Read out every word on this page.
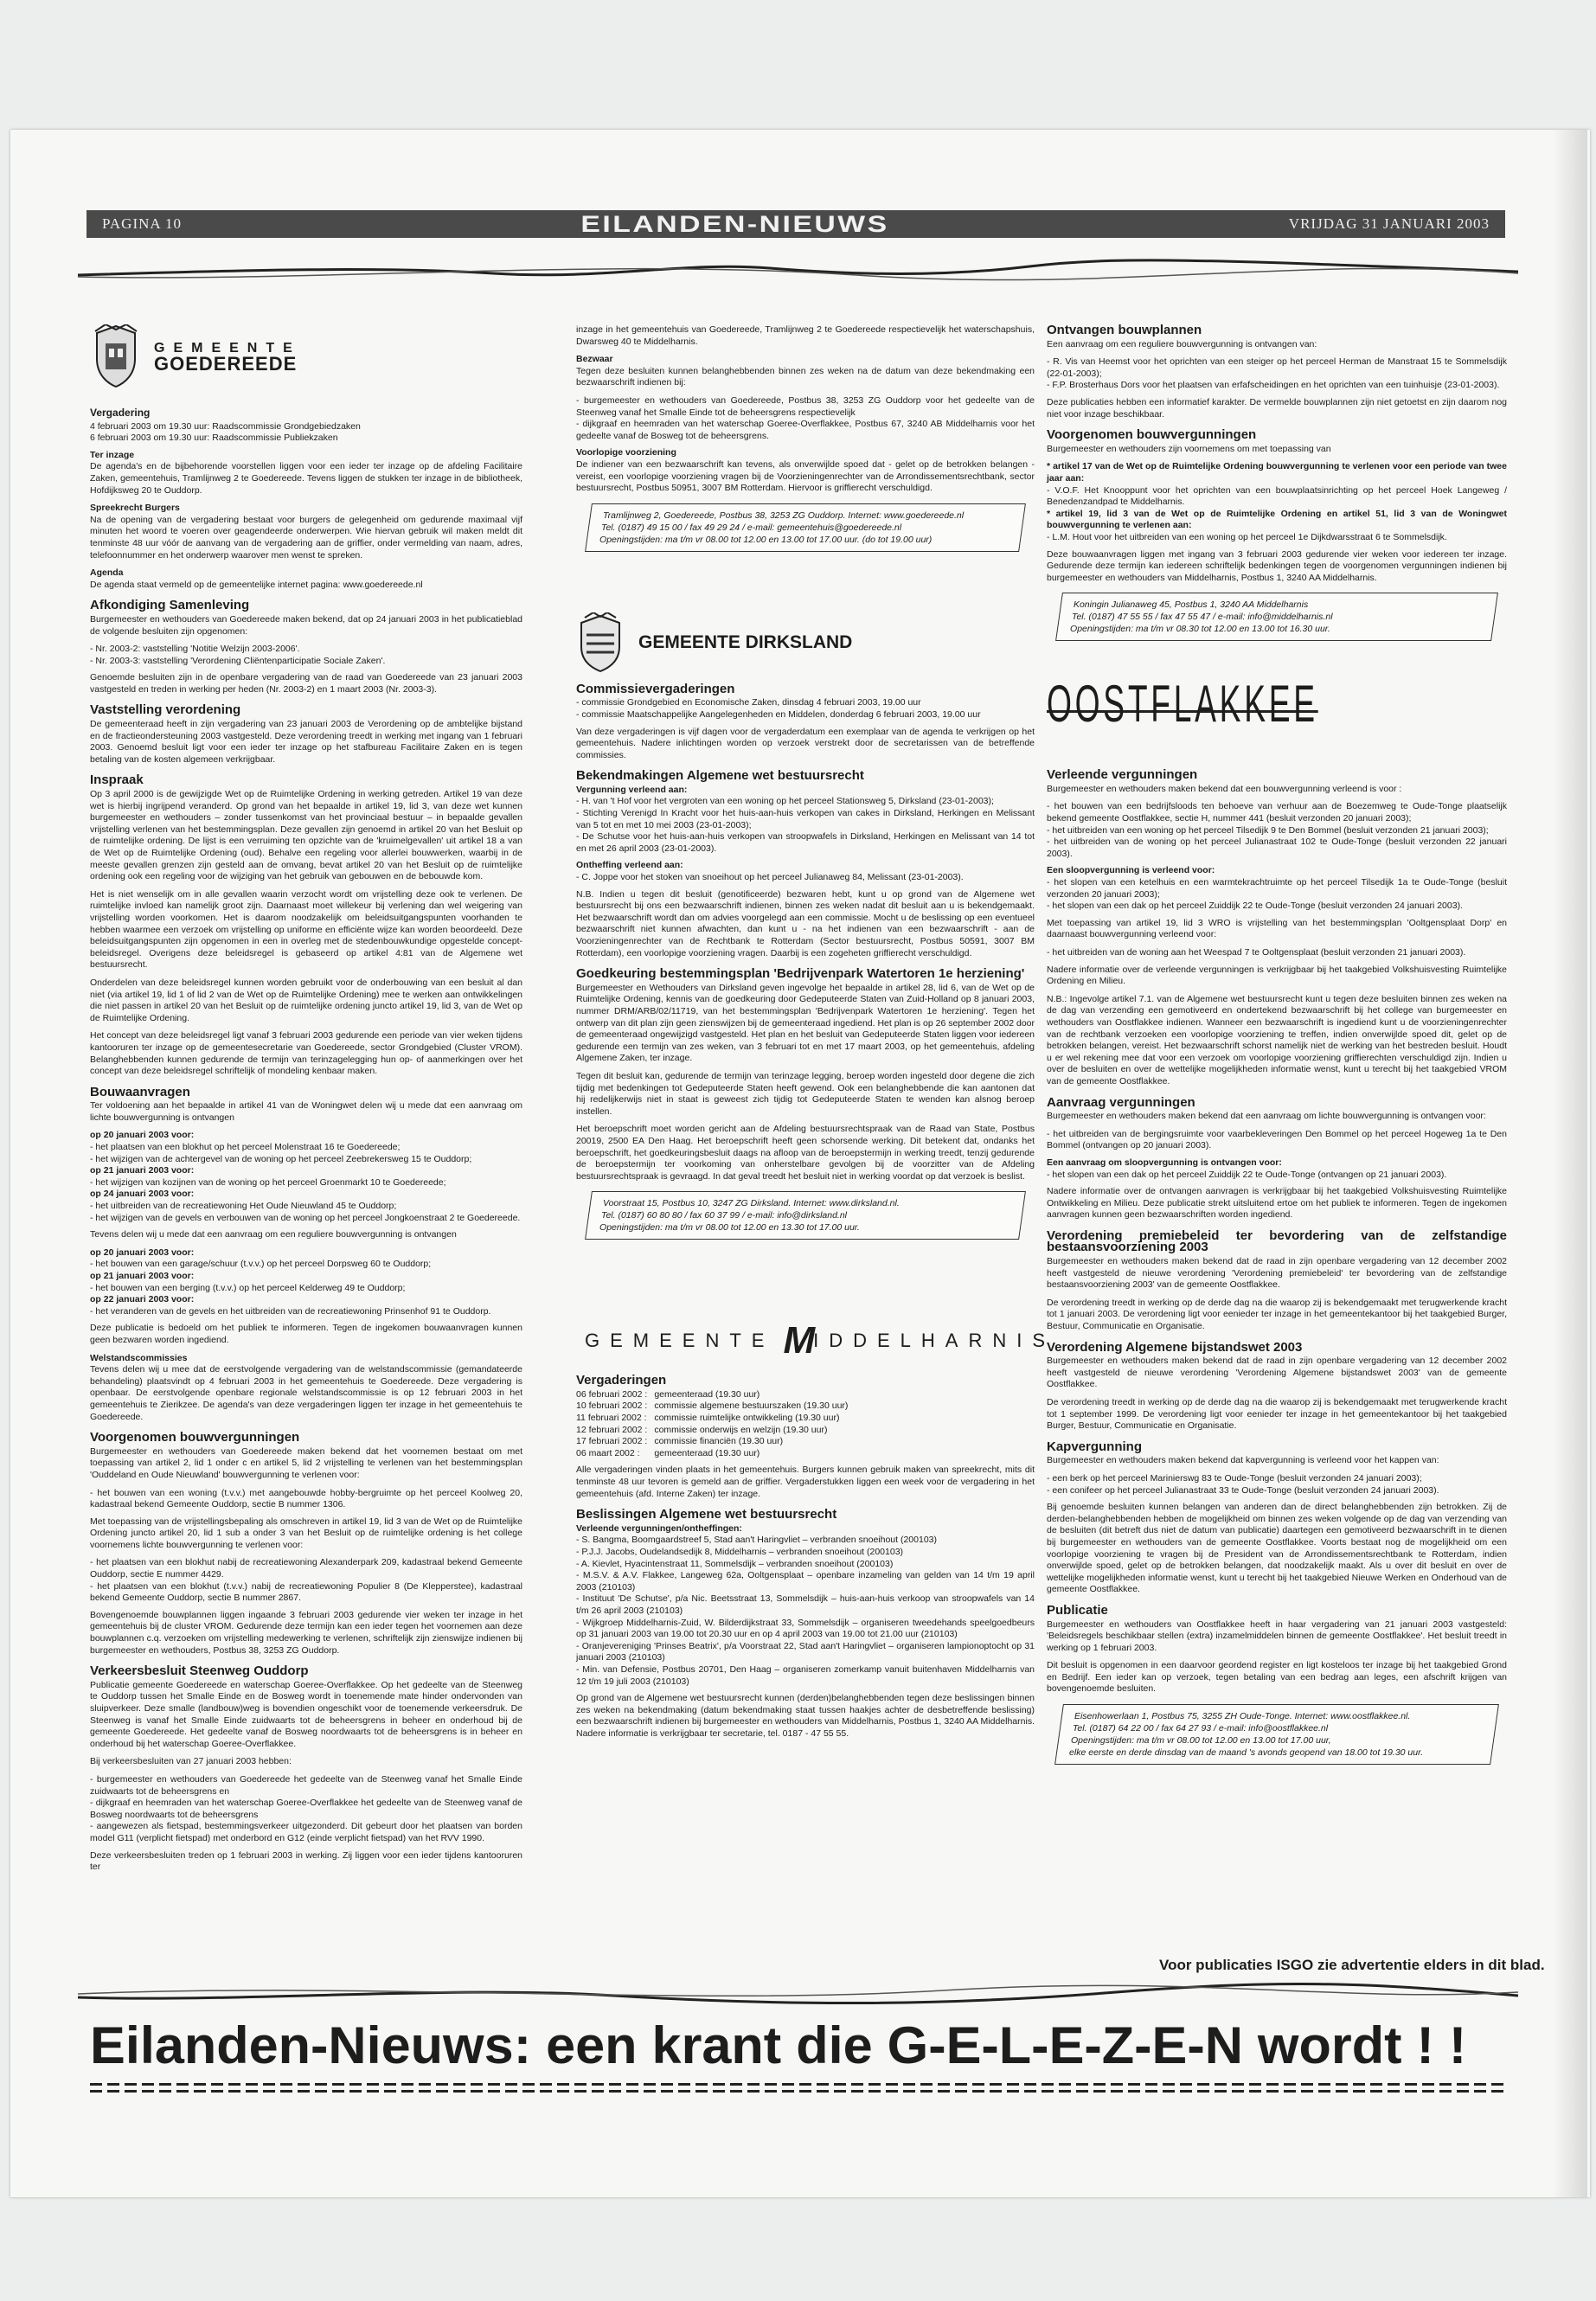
PAGINA 10	EILANDEN-NIEUWS	VRIJDAG 31 JANUARI 2003
GEMEENTE
GOEDEREEDE
Vergadering
4 februari 2003 om 19.30 uur: Raadscommissie Grondgebiedzaken
6 februari 2003 om 19.30 uur: Raadscommissie Publiekzaken
Ter inzage

De agenda's en de bijbehorende voorstellen liggen voor een ieder ter inzage op de afdeling Facilitaire Zaken, gemeentehuis, Tramlijnweg 2 te Goedereede. Tevens liggen de stukken ter inzage in de bibliotheek, Hofdijksweg 20 te Ouddorp.

Spreekrecht Burgers

Na de opening van de vergadering bestaat voor burgers de gelegenheid om gedurende maximaal vijf minuten het woord te voeren over geagendeerde onderwerpen. Wie hiervan gebruik wil maken meldt dit tenminste 48 uur vóór de aanvang van de vergadering aan de griffier, onder vermelding van naam, adres, telefoonnummer en het onderwerp waarover men wenst te spreken.

Agenda

De agenda staat vermeld op de gemeentelijke internet pagina: www.goedereede.nl

Afkondiging Samenleving

Burgemeester en wethouders van Goedereede maken bekend, dat op 24 januari 2003 in het publicatieblad de volgende besluiten zijn opgenomen:

- Nr. 2003-2: vaststelling 'Notitie Welzijn 2003-2006'.
- Nr. 2003-3: vaststelling 'Verordening Cliëntenparticipatie Sociale Zaken'.

Genoemde besluiten zijn in de openbare vergadering van de raad van Goedereede van 23 januari 2003 vastgesteld en treden in werking per heden (Nr. 2003-2) en 1 maart 2003 (Nr. 2003-3).

Vaststelling verordening

De gemeenteraad heeft in zijn vergadering van 23 januari 2003 de Verordening op de ambtelijke bijstand en de fractieondersteuning 2003 vastgesteld. Deze verordening treedt in werking met ingang van 1 februari 2003. Genoemd besluit ligt voor een ieder ter inzage op het stafbureau Facilitaire Zaken en is tegen betaling van de kosten algemeen verkrijgbaar.

Inspraak

Op 3 april 2000 is de gewijzigde Wet op de Ruimtelijke Ordening in werking getreden. Artikel 19 van deze wet is hierbij ingrijpend veranderd. Op grond van het bepaalde in artikel 19, lid 3, van deze wet kunnen burgemeester en wethouders – zonder tussenkomst van het provinciaal bestuur – in bepaalde gevallen vrijstelling verlenen van het bestemmingsplan. Deze gevallen zijn genoemd in artikel 20 van het Besluit op de ruimtelijke ordening. De lijst is een verruiming ten opzichte van de 'kruimelgevallen' uit artikel 18 a van de Wet op de Ruimtelijke Ordening (oud). Behalve een regeling voor allerlei bouwwerken, waarbij in de meeste gevallen grenzen zijn gesteld aan de omvang, bevat artikel 20 van het Besluit op de ruimtelijke ordening ook een regeling voor de wijziging van het gebruik van gebouwen en de bebouwde kom.

Het is niet wenselijk om in alle gevallen waarin verzocht wordt om vrijstelling deze ook te verlenen. De ruimtelijke invloed kan namelijk groot zijn. Daarnaast moet willekeur bij verlening dan wel weigering van vrijstelling worden voorkomen. Het is daarom noodzakelijk om beleidsuitgangspunten voorhanden te hebben waarmee een verzoek om vrijstelling op uniforme en efficiënte wijze kan worden beoordeeld. Deze beleidsuitgangspunten zijn opgenomen in een in overleg met de stedenbouwkundige opgestelde concept-beleidsregel. Overigens deze beleidsregel is gebaseerd op artikel 4:81 van de Algemene wet bestuursrecht.

Onderdelen van deze beleidsregel kunnen worden gebruikt voor de onderbouwing van een besluit al dan niet (via artikel 19, lid 1 of lid 2 van de Wet op de Ruimtelijke Ordening) mee te werken aan ontwikkelingen die niet passen in artikel 20 van het Besluit op de ruimtelijke ordening juncto artikel 19, lid 3, van de Wet op de Ruimtelijke Ordening.

Het concept van deze beleidsregel ligt vanaf 3 februari 2003 gedurende een periode van vier weken tijdens kantooruren ter inzage op de gemeentesecretarie van Goedereede, sector Grondgebied (Cluster VROM). Belanghebbenden kunnen gedurende de termijn van terinzagelegging hun op- of aanmerkingen over het concept van deze beleidsregel schriftelijk of mondeling kenbaar maken.

Bouwaanvragen

Ter voldoening aan het bepaalde in artikel 41 van de Woningwet delen wij u mede dat een aanvraag om lichte bouwvergunning is ontvangen

op 20 januari 2003 voor:
- het plaatsen van een blokhut op het perceel Molenstraat 16 te Goedereede;
- het wijzigen van de achtergevel van de woning op het perceel Zeebrekersweg 15 te Ouddorp;
op 21 januari 2003 voor:
- het wijzigen van kozijnen van de woning op het perceel Groenmarkt 10 te Goedereede;
op 24 januari 2003 voor:
- het uitbreiden van de recreatiewoning Het Oude Nieuwland 45 te Ouddorp;
- het wijzigen van de gevels en verbouwen van de woning op het perceel Jongkoenstraat 2 te Goedereede.

Tevens delen wij u mede dat een aanvraag om een reguliere bouwvergunning is ontvangen

op 20 januari 2003 voor:
- het bouwen van een garage/schuur (t.v.v.) op het perceel Dorpsweg 60 te Ouddorp;
op 21 januari 2003 voor:
- het bouwen van een berging (t.v.v.) op het perceel Kelderweg 49 te Ouddorp;
op 22 januari 2003 voor:
- het veranderen van de gevels en het uitbreiden van de recreatiewoning Prinsenhof 91 te Ouddorp.

Deze publicatie is bedoeld om het publiek te informeren. Tegen de ingekomen bouwaanvragen kunnen geen bezwaren worden ingediend.

Welstandscommissies

Tevens delen wij u mee dat de eerstvolgende vergadering van de welstandscommissie (gemandateerde behandeling) plaatsvindt op 4 februari 2003 in het gemeentehuis te Goedereede. Deze vergadering is openbaar. De eerstvolgende openbare regionale welstandscommissie is op 12 februari 2003 in het gemeentehuis te Zierikzee. De agenda's van deze vergaderingen liggen ter inzage in het gemeentehuis te Goedereede.

Voorgenomen bouwvergunningen

Burgemeester en wethouders van Goedereede maken bekend dat het voornemen bestaat om met toepassing van artikel 2, lid 1 onder c en artikel 5, lid 2 vrijstelling te verlenen van het bestemmingsplan 'Ouddeland en Oude Nieuwland' bouwvergunning te verlenen voor:

- het bouwen van een woning (t.v.v.) met aangebouwde hobby-bergruimte op het perceel Koolweg 20, kadastraal bekend Gemeente Ouddorp, sectie B nummer 1306.

Met toepassing van de vrijstellingsbepaling als omschreven in artikel 19, lid 3 van de Wet op de Ruimtelijke Ordening juncto artikel 20, lid 1 sub a onder 3 van het Besluit op de ruimtelijke ordening is het college voornemens lichte bouwvergunning te verlenen voor:

- het plaatsen van een blokhut nabij de recreatiewoning Alexanderpark 209, kadastraal bekend Gemeente Ouddorp, sectie E nummer 4429.
- het plaatsen van een blokhut (t.v.v.) nabij de recreatiewoning Populier 8 (De Klepperstee), kadastraal bekend Gemeente Ouddorp, sectie B nummer 2867.

Bovengenoemde bouwplannen liggen ingaande 3 februari 2003 gedurende vier weken ter inzage in het gemeentehuis bij de cluster VROM. Gedurende deze termijn kan een ieder tegen het voornemen aan deze bouwplannen c.q. verzoeken om vrijstelling medewerking te verlenen, schriftelijk zijn zienswijze indienen bij burgemeester en wethouders, Postbus 38, 3253 ZG Ouddorp.

Verkeersbesluit Steenweg Ouddorp

Publicatie gemeente Goedereede en waterschap Goeree-Overflakkee. Op het gedeelte van de Steenweg te Ouddorp tussen het Smalle Einde en de Bosweg wordt in toenemende mate hinder ondervonden van sluipverkeer. Deze smalle (landbouw)weg is bovendien ongeschikt voor de toenemende verkeersdruk. De Steenweg is vanaf het Smalle Einde zuidwaarts tot de beheersgrens in beheer en onderhoud bij de gemeente Goedereede. Het gedeelte vanaf de Bosweg noordwaarts tot de beheersgrens is in beheer en onderhoud bij het waterschap Goeree-Overflakkee.

Bij verkeersbesluiten van 27 januari 2003 hebben:

- burgemeester en wethouders van Goedereede het gedeelte van de Steenweg vanaf het Smalle Einde zuidwaarts tot de beheersgrens en
- dijkgraaf en heemraden van het waterschap Goeree-Overflakkee het gedeelte van de Steenweg vanaf de Bosweg noordwaarts tot de beheersgrens
- aangewezen als fietspad, bestemmingsverkeer uitgezonderd. Dit gebeurt door het plaatsen van borden model G11 (verplicht fietspad) met onderbord en G12 (einde verplicht fietspad) van het RVV 1990.

Deze verkeersbesluiten treden op 1 februari 2003 in werking. Zij liggen voor een ieder tijdens kantooruren ter

inzage in het gemeentehuis van Goedereede, Tramlijnweg 2 te Goedereede respectievelijk het waterschapshuis, Dwarsweg 40 te Middelharnis.

Bezwaar

Tegen deze besluiten kunnen belanghebbenden binnen zes weken na de datum van deze bekendmaking een bezwaarschrift indienen bij:

- burgemeester en wethouders van Goedereede, Postbus 38, 3253 ZG Ouddorp voor het gedeelte van de Steenweg vanaf het Smalle Einde tot de beheersgrens respectievelijk
- dijkgraaf en heemraden van het waterschap Goeree-Overflakkee, Postbus 67, 3240 AB Middelharnis voor het gedeelte vanaf de Bosweg tot de beheersgrens.
Voorlopige voorziening

De indiener van een bezwaarschrift kan tevens, als onverwijlde spoed dat - gelet op de betrokken belangen - vereist, een voorlopige voorziening vragen bij de Voorzieningenrechter van de Arrondissementsrechtbank, sector bestuursrecht, Postbus 50951, 3007 BM Rotterdam. Hiervoor is griffierecht verschuldigd.

Tramlijnweg 2, Goedereede, Postbus 38, 3253 ZG Ouddorp. Internet: www.goedereede.nl
Tel. (0187) 49 15 00 / fax 49 29 24 / e-mail: gemeentehuis@goedereede.nl
Openingstijden: ma t/m vr 08.00 tot 12.00 en 13.00 tot 17.00 uur. (do tot 19.00 uur)
GEMEENTE DIRKSLAND
Commissievergaderingen
- commissie Grondgebied en Economische Zaken, dinsdag 4 februari 2003, 19.00 uur
- commissie Maatschappelijke Aangelegenheden en Middelen, donderdag 6 februari 2003, 19.00 uur

Van deze vergaderingen is vijf dagen voor de vergaderdatum een exemplaar van de agenda te verkrijgen op het gemeentehuis. Nadere inlichtingen worden op verzoek verstrekt door de secretarissen van de betreffende commissies.

Bekendmakingen Algemene wet bestuursrecht
Vergunning verleend aan:
- H. van 't Hof voor het vergroten van een woning op het perceel Stationsweg 5, Dirksland (23-01-2003);
- Stichting Verenigd In Kracht voor het huis-aan-huis verkopen van cakes in Dirksland, Herkingen en Melissant van 5 tot en met 10 mei 2003 (23-01-2003);
- De Schutse voor het huis-aan-huis verkopen van stroopwafels in Dirksland, Herkingen en Melissant van 14 tot en met 26 april 2003 (23-01-2003).
Ontheffing verleend aan:
- C. Joppe voor het stoken van snoeihout op het perceel Julianaweg 84, Melissant (23-01-2003).

N.B. Indien u tegen dit besluit (genotificeerde) bezwaren hebt, kunt u op grond van de Algemene wet bestuursrecht bij ons een bezwaarschrift indienen, binnen zes weken nadat dit besluit aan u is bekendgemaakt. Het bezwaarschrift wordt dan om advies voorgelegd aan een commissie. Mocht u de beslissing op een eventueel bezwaarschrift niet kunnen afwachten, dan kunt u - na het indienen van een bezwaarschrift - aan de Voorzieningenrechter van de Rechtbank te Rotterdam (Sector bestuursrecht, Postbus 50591, 3007 BM Rotterdam), een voorlopige voorziening vragen. Daarbij is een zogeheten griffierecht verschuldigd.

Goedkeuring bestemmingsplan 'Bedrijvenpark Watertoren 1e herziening'

Burgemeester en Wethouders van Dirksland geven ingevolge het bepaalde in artikel 28, lid 6, van de Wet op de Ruimtelijke Ordening, kennis van de goedkeuring door Gedeputeerde Staten van Zuid-Holland op 8 januari 2003, nummer DRM/ARB/02/11719, van het bestemmingsplan 'Bedrijvenpark Watertoren 1e herziening'. Tegen het ontwerp van dit plan zijn geen zienswijzen bij de gemeenteraad ingediend. Het plan is op 26 september 2002 door de gemeenteraad ongewijzigd vastgesteld. Het plan en het besluit van Gedeputeerde Staten liggen voor iedereen gedurende een termijn van zes weken, van 3 februari tot en met 17 maart 2003, op het gemeentehuis, afdeling Algemene Zaken, ter inzage.

Tegen dit besluit kan, gedurende de termijn van terinzage legging, beroep worden ingesteld door degene die zich tijdig met bedenkingen tot Gedeputeerde Staten heeft gewend. Ook een belanghebbende die kan aantonen dat hij redelijkerwijs niet in staat is geweest zich tijdig tot Gedeputeerde Staten te wenden kan alsnog beroep instellen.

Het beroepschrift moet worden gericht aan de Afdeling bestuursrechtspraak van de Raad van State, Postbus 20019, 2500 EA Den Haag. Het beroepschrift heeft geen schorsende werking. Dit betekent dat, ondanks het beroepschrift, het goedkeuringsbesluit daags na afloop van de beroepstermijn in werking treedt, tenzij gedurende de beroepstermijn ter voorkoming van onherstelbare gevolgen bij de voorzitter van de Afdeling bestuursrechtspraak is gevraagd. In dat geval treedt het besluit niet in werking voordat op dat verzoek is beslist.

Voorstraat 15, Postbus 10, 3247 ZG Dirksland. Internet: www.dirksland.nl.
Tel. (0187) 60 80 80 / fax 60 37 99 / e-mail: info@dirksland.nl
Openingstijden: ma t/m vr 08.00 tot 12.00 en 13.30 tot 17.00 uur.
GEMEENTE M
IDDELHARNIS
Vergaderingen
06 februari 2002 :	gemeenteraad (19.30 uur)
10 februari 2002 :	commissie algemene bestuurszaken (19.30 uur)
11 februari 2002 :	commissie ruimtelijke ontwikkeling (19.30 uur)
12 februari 2002 :	commissie onderwijs en welzijn (19.30 uur)
17 februari 2002 :	commissie financiën (19.30 uur)
06 maart 2002 :	gemeenteraad (19.30 uur)

Alle vergaderingen vinden plaats in het gemeentehuis. Burgers kunnen gebruik maken van spreekrecht, mits dit tenminste 48 uur tevoren is gemeld aan de griffier. Vergaderstukken liggen een week voor de vergadering in het gemeentehuis (afd. Interne Zaken) ter inzage.

Beslissingen Algemene wet bestuursrecht
Verleende vergunningen/ontheffingen:
- S. Bangma, Boomgaardstreef 5, Stad aan't Haringvliet – verbranden snoeihout (200103)
- P.J.J. Jacobs, Oudelandsedijk 8, Middelharnis – verbranden snoeihout (200103)
- A. Kievlet, Hyacintenstraat 11, Sommelsdijk – verbranden snoeihout (200103)
- M.S.V. & A.V. Flakkee, Langeweg 62a, Ooltgensplaat – openbare inzameling van gelden van 14 t/m 19 april 2003 (210103)
- Instituut 'De Schutse', p/a Nic. Beetsstraat 13, Sommelsdijk – huis-aan-huis verkoop van stroopwafels van 14 t/m 26 april 2003 (210103)
- Wijkgroep Middelharnis-Zuid, W. Bilderdijkstraat 33, Sommelsdijk – organiseren tweedehands speelgoedbeurs op 31 januari 2003 van 19.00 tot 20.30 uur en op 4 april 2003 van 19.00 tot 21.00 uur (210103)
- Oranjevereniging 'Prinses Beatrix', p/a Voorstraat 22, Stad aan't Haringvliet – organiseren lampionoptocht op 31 januari 2003 (210103)
- Min. van Defensie, Postbus 20701, Den Haag – organiseren zomerkamp vanuit buitenhaven Middelharnis van 12 t/m 19 juli 2003 (210103)

Op grond van de Algemene wet bestuursrecht kunnen (derden)belanghebbenden tegen deze beslissingen binnen zes weken na bekendmaking (datum bekendmaking staat tussen haakjes achter de desbetreffende beslissing) een bezwaarschrift indienen bij burgemeester en wethouders van Middelharnis, Postbus 1, 3240 AA Middelharnis. Nadere informatie is verkrijgbaar ter secretarie, tel. 0187 - 47 55 55.

Ontvangen bouwplannen

Een aanvraag om een reguliere bouwvergunning is ontvangen van:

- R. Vis van Heemst voor het oprichten van een steiger op het perceel Herman de Manstraat 15 te Sommelsdijk (22-01-2003);
- F.P. Brosterhaus Dors voor het plaatsen van erfafscheidingen en het oprichten van een tuinhuisje (23-01-2003).

Deze publicaties hebben een informatief karakter. De vermelde bouwplannen zijn niet getoetst en zijn daarom nog niet voor inzage beschikbaar.

Voorgenomen bouwvergunningen

Burgemeester en wethouders zijn voornemens om met toepassing van

* artikel 17 van de Wet op de Ruimtelijke Ordening bouwvergunning te verlenen voor een periode van twee jaar aan:
- V.O.F. Het Knooppunt voor het oprichten van een bouwplaatsinrichting op het perceel Hoek Langeweg / Benedenzandpad te Middelharnis.
* artikel 19, lid 3 van de Wet op de Ruimtelijke Ordening en artikel 51, lid 3 van de Woningwet bouwvergunning te verlenen aan:
- L.M. Hout voor het uitbreiden van een woning op het perceel 1e Dijkdwarsstraat 6 te Sommelsdijk.

Deze bouwaanvragen liggen met ingang van 3 februari 2003 gedurende vier weken voor iedereen ter inzage. Gedurende deze termijn kan iedereen schriftelijk bedenkingen tegen de voorgenomen vergunningen indienen bij burgemeester en wethouders van Middelharnis, Postbus 1, 3240 AA Middelharnis.

Koningin Julianaweg 45, Postbus 1, 3240 AA Middelharnis
Tel. (0187) 47 55 55 / fax 47 55 47 / e-mail: info@middelharnis.nl
Openingstijden: ma t/m vr 08.30 tot 12.00 en 13.00 tot 16.30 uur.
OOSTFLAKKEE
Verleende vergunningen

Burgemeester en wethouders maken bekend dat een bouwvergunning verleend is voor :

- het bouwen van een bedrijfsloods ten behoeve van verhuur aan de Boezemweg te Oude-Tonge plaatselijk bekend gemeente Oostflakkee, sectie H, nummer 441 (besluit verzonden 20 januari 2003);
- het uitbreiden van een woning op het perceel Tilsedijk 9 te Den Bommel (besluit verzonden 21 januari 2003);
- het uitbreiden van de woning op het perceel Julianastraat 102 te Oude-Tonge (besluit verzonden 22 januari 2003).
Een sloopvergunning is verleend voor:
- het slopen van een ketelhuis en een warmtekrachtruimte op het perceel Tilsedijk 1a te Oude-Tonge (besluit verzonden 20 januari 2003);
- het slopen van een dak op het perceel Zuiddijk 22 te Oude-Tonge (besluit verzonden 24 januari 2003).

Met toepassing van artikel 19, lid 3 WRO is vrijstelling van het bestemmingsplan 'Ooltgensplaat Dorp' en daarnaast bouwvergunning verleend voor:

- het uitbreiden van de woning aan het Weespad 7 te Ooltgensplaat (besluit verzonden 21 januari 2003).

Nadere informatie over de verleende vergunningen is verkrijgbaar bij het taakgebied Volkshuisvesting Ruimtelijke Ordening en Milieu.

N.B.: Ingevolge artikel 7.1. van de Algemene wet bestuursrecht kunt u tegen deze besluiten binnen zes weken na de dag van verzending een gemotiveerd en ondertekend bezwaarschrift bij het college van burgemeester en wethouders van Oostflakkee indienen. Wanneer een bezwaarschrift is ingediend kunt u de voorzieningenrechter van de rechtbank verzoeken een voorlopige voorziening te treffen, indien onverwijlde spoed dit, gelet op de betrokken belangen, vereist. Het bezwaarschrift schorst namelijk niet de werking van het bestreden besluit. Houdt u er wel rekening mee dat voor een verzoek om voorlopige voorziening griffierechten verschuldigd zijn. Indien u over de besluiten en over de wettelijke mogelijkheden informatie wenst, kunt u terecht bij het taakgebied VROM van de gemeente Oostflakkee.

Aanvraag vergunningen

Burgemeester en wethouders maken bekend dat een aanvraag om lichte bouwvergunning is ontvangen voor:

- het uitbreiden van de bergingsruimte voor vaarbekleveringen Den Bommel op het perceel Hogeweg 1a te Den Bommel (ontvangen op 20 januari 2003).
Een aanvraag om sloopvergunning is ontvangen voor:
- het slopen van een dak op het perceel Zuiddijk 22 te Oude-Tonge (ontvangen op 21 januari 2003).

Nadere informatie over de ontvangen aanvragen is verkrijgbaar bij het taakgebied Volkshuisvesting Ruimtelijke Ontwikkeling en Milieu. Deze publicatie strekt uitsluitend ertoe om het publiek te informeren. Tegen de ingekomen aanvragen kunnen geen bezwaarschriften worden ingediend.

Verordening premiebeleid ter bevordering van de zelfstandige bestaansvoorziening 2003

Burgemeester en wethouders maken bekend dat de raad in zijn openbare vergadering van 12 december 2002 heeft vastgesteld de nieuwe verordening 'Verordening premiebeleid' ter bevordering van de zelfstandige bestaansvoorziening 2003' van de gemeente Oostflakkee.

De verordening treedt in werking op de derde dag na die waarop zij is bekendgemaakt met terugwerkende kracht tot 1 januari 2003. De verordening ligt voor eenieder ter inzage in het gemeentekantoor bij het taakgebied Burger, Bestuur, Communicatie en Organisatie.

Verordening Algemene bijstandswet 2003

Burgemeester en wethouders maken bekend dat de raad in zijn openbare vergadering van 12 december 2002 heeft vastgesteld de nieuwe verordening 'Verordening Algemene bijstandswet 2003' van de gemeente Oostflakkee.

De verordening treedt in werking op de derde dag na die waarop zij is bekendgemaakt met terugwerkende kracht tot 1 september 1999. De verordening ligt voor eenieder ter inzage in het gemeentekantoor bij het taakgebied Burger, Bestuur, Communicatie en Organisatie.

Kapvergunning

Burgemeester en wethouders maken bekend dat kapvergunning is verleend voor het kappen van:

- een berk op het perceel Marinierswg 83 te Oude-Tonge (besluit verzonden 24 januari 2003);
- een conifeer op het perceel Julianastraat 33 te Oude-Tonge (besluit verzonden 24 januari 2003).

Bij genoemde besluiten kunnen belangen van anderen dan de direct belanghebbenden zijn betrokken. Zij de derden-belanghebbenden hebben de mogelijkheid om binnen zes weken volgende op de dag van verzending van de besluiten (dit betreft dus niet de datum van publicatie) daartegen een gemotiveerd bezwaarschrift in te dienen bij burgemeester en wethouders van de gemeente Oostflakkee. Voorts bestaat nog de mogelijkheid om een voorlopige voorziening te vragen bij de President van de Arrondissementsrechtbank te Rotterdam, indien onverwijlde spoed, gelet op de betrokken belangen, dat noodzakelijk maakt. Als u over dit besluit en over de wettelijke mogelijkheden informatie wenst, kunt u terecht bij het taakgebied Nieuwe Werken en Onderhoud van de gemeente Oostflakkee.

Publicatie

Burgemeester en wethouders van Oostflakkee heeft in haar vergadering van 21 januari 2003 vastgesteld: 'Beleidsregels beschikbaar stellen (extra) inzamelmiddelen binnen de gemeente Oostflakkee'. Het besluit treedt in werking op 1 februari 2003.

Dit besluit is opgenomen in een daarvoor geordend register en ligt kosteloos ter inzage bij het taakgebied Grond en Bedrijf. Een ieder kan op verzoek, tegen betaling van een bedrag aan leges, een afschrift krijgen van bovengenoemde besluiten.

Eisenhowerlaan 1, Postbus 75, 3255 ZH Oude-Tonge. Internet: www.oostflakkee.nl.
Tel. (0187) 64 22 00 / fax 64 27 93 / e-mail: info@oostflakkee.nl
Openingstijden: ma t/m vr 08.00 tot 12.00 en 13.00 tot 17.00 uur,
elke eerste en derde dinsdag van de maand 's avonds geopend van 18.00 tot 19.30 uur.
Voor publicaties ISGO zie advertentie elders in dit blad.
Eilanden-Nieuws: een krant die G-E-L-E-Z-E-N wordt ! !
